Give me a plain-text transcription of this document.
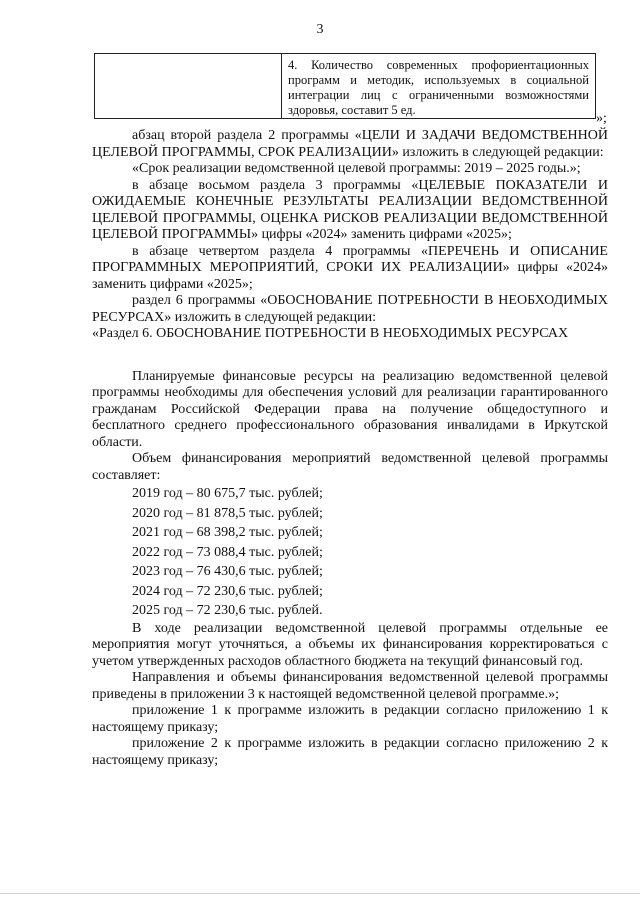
3
4. Количество современных профориентационных программ и методик, используемых в социальной интеграции лиц с ограниченными возможностями здоровья, составит 5 ед.
»;

абзац второй раздела 2 программы «ЦЕЛИ И ЗАДАЧИ ВЕДОМСТВЕННОЙ ЦЕЛЕВОЙ ПРОГРАММЫ, СРОК РЕАЛИЗАЦИИ» изложить в следующей редакции:

«Срок реализации ведомственной целевой программы: 2019 – 2025 годы.»;

в абзаце восьмом раздела 3 программы «ЦЕЛЕВЫЕ ПОКАЗАТЕЛИ И ОЖИДАЕМЫЕ КОНЕЧНЫЕ РЕЗУЛЬТАТЫ РЕАЛИЗАЦИИ ВЕДОМСТВЕННОЙ ЦЕЛЕВОЙ ПРОГРАММЫ, ОЦЕНКА РИСКОВ РЕАЛИЗАЦИИ ВЕДОМСТВЕННОЙ ЦЕЛЕВОЙ ПРОГРАММЫ» цифры «2024» заменить цифрами «2025»;

в абзаце четвертом раздела 4 программы «ПЕРЕЧЕНЬ И ОПИСАНИЕ ПРОГРАММНЫХ МЕРОПРИЯТИЙ, СРОКИ ИХ РЕАЛИЗАЦИИ» цифры «2024» заменить цифрами «2025»;

раздел 6 программы «ОБОСНОВАНИЕ ПОТРЕБНОСТИ В НЕОБХОДИМЫХ РЕСУРСАХ» изложить в следующей редакции:

«Раздел 6. ОБОСНОВАНИЕ ПОТРЕБНОСТИ В НЕОБХОДИМЫХ РЕСУРСАХ

Планируемые финансовые ресурсы на реализацию ведомственной целевой программы необходимы для обеспечения условий для реализации гарантированного гражданам Российской Федерации права на получение общедоступного и бесплатного среднего профессионального образования инвалидами в Иркутской области.

Объем финансирования мероприятий ведомственной целевой программы составляет:

2019 год – 80 675,7 тыс. рублей;

2020 год – 81 878,5 тыс. рублей;

2021 год – 68 398,2 тыс. рублей;

2022 год – 73 088,4 тыс. рублей;

2023 год – 76 430,6 тыс. рублей;

2024 год – 72 230,6 тыс. рублей;

2025 год – 72 230,6 тыс. рублей.

В ходе реализации ведомственной целевой программы отдельные ее мероприятия могут уточняться, а объемы их финансирования корректироваться с учетом утвержденных расходов областного бюджета на текущий финансовый год.

Направления и объемы финансирования ведомственной целевой программы приведены в приложении 3 к настоящей ведомственной целевой программе.»;

приложение 1 к программе изложить в редакции согласно приложению 1 к настоящему приказу;

приложение 2 к программе изложить в редакции согласно приложению 2 к настоящему приказу;
